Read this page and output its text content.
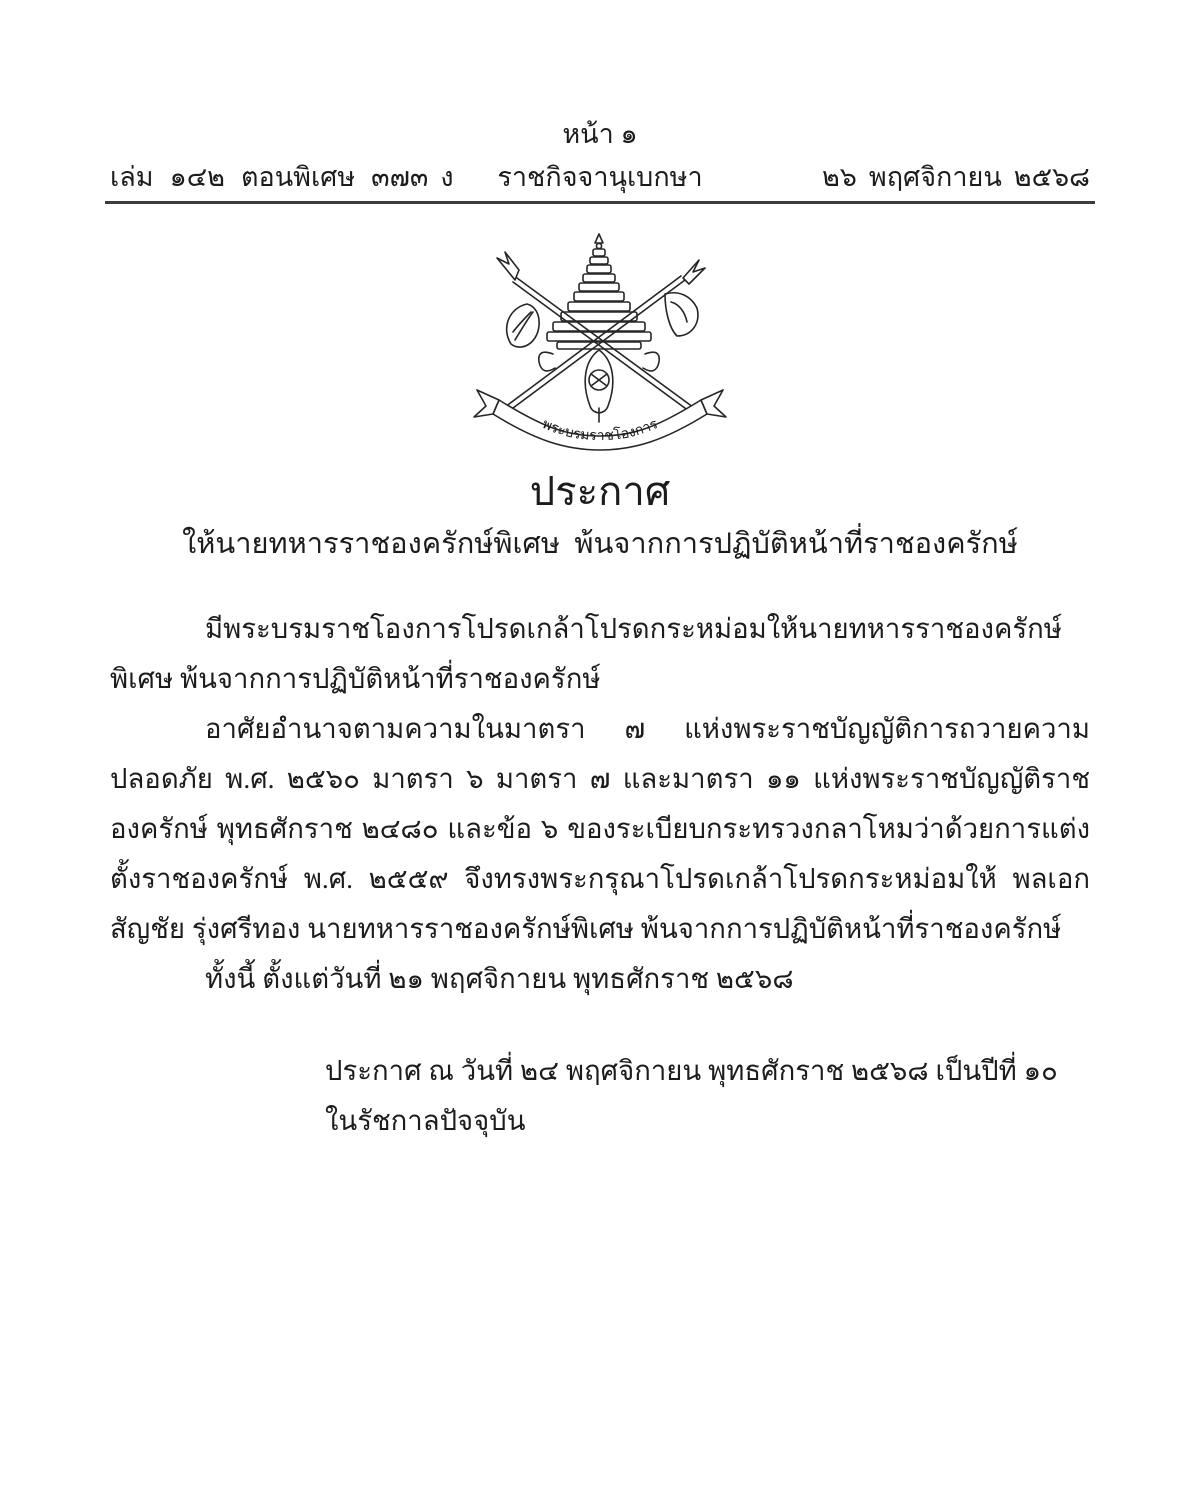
หน้า ๑
เล่ม ๑๔๒ ตอนพิเศษ ๓๗๓ ง ราชกิจจานุเบกษา	๒๖ พฤศจิกายน ๒๕๖๘
พระบรมราชโองการ
ประกาศ
ให้นายทหารราชองครักษ์พิเศษ  พ้นจากการปฏิบัติหน้าที่ราชองครักษ์

มีพระบรมราชโองการโปรดเกล้าโปรดกระหม่อมให้นายทหารราชองครักษ์พิเศษ พ้นจากการปฏิบัติหน้าที่ราชองครักษ์

อาศัยอำนาจตามความในมาตรา ๗ แห่งพระราชบัญญัติการถวายความปลอดภัย พ.ศ. ๒๕๖๐ มาตรา ๖ มาตรา ๗ และมาตรา ๑๑ แห่งพระราชบัญญัติราชองครักษ์ พุทธศักราช ๒๔๘๐ และข้อ ๖ ของระเบียบกระทรวงกลาโหมว่าด้วยการแต่งตั้งราชองครักษ์ พ.ศ. ๒๕๕๙ จึงทรงพระกรุณาโปรดเกล้าโปรดกระหม่อมให้ พลเอก สัญชัย รุ่งศรีทอง นายทหารราชองครักษ์พิเศษ พ้นจากการปฏิบัติหน้าที่ราชองครักษ์

ทั้งนี้ ตั้งแต่วันที่ ๒๑ พฤศจิกายน พุทธศักราช ๒๕๖๘

ประกาศ ณ วันที่ ๒๔ พฤศจิกายน พุทธศักราช ๒๕๖๘ เป็นปีที่ ๑๐ ในรัชกาลปัจจุบัน
